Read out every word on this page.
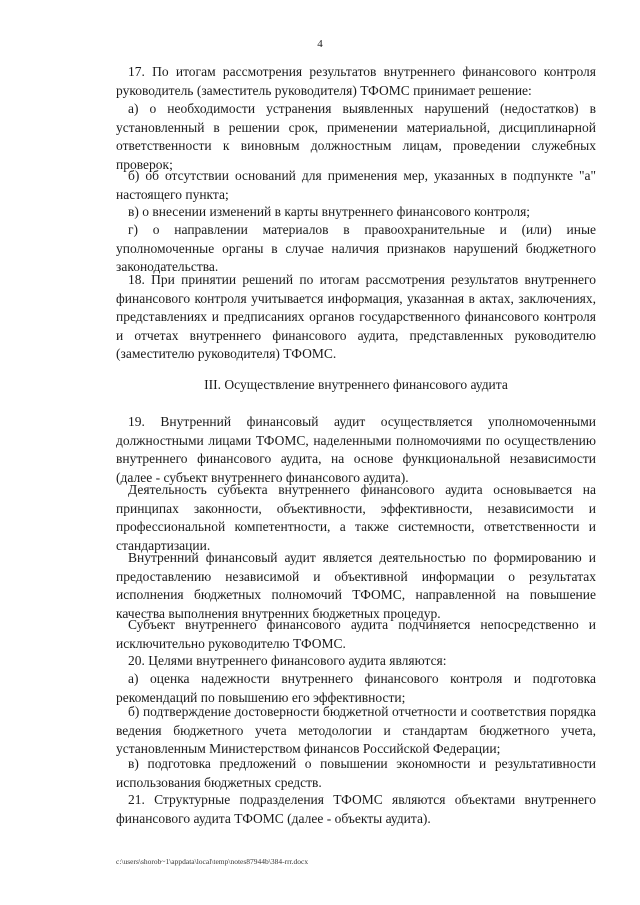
4

17. По итогам рассмотрения результатов внутреннего финансового контроля руководитель (заместитель руководителя) ТФОМС принимает решение:

а) о необходимости устранения выявленных нарушений (недостатков) в установленный в решении срок, применении материальной, дисциплинарной ответственности к виновным должностным лицам, проведении служебных проверок;

б) об отсутствии оснований для применения мер, указанных в подпункте "а" настоящего пункта;

в) о внесении изменений в карты внутреннего финансового контроля;

г) о направлении материалов в правоохранительные и (или) иные уполномоченные органы в случае наличия признаков нарушений бюджетного законодательства.

18. При принятии решений по итогам рассмотрения результатов внутреннего финансового контроля учитывается информация, указанная в актах, заключениях, представлениях и предписаниях органов государственного финансового контроля и отчетах внутреннего финансового аудита, представленных руководителю (заместителю руководителя) ТФОМС.

III. Осуществление внутреннего финансового аудита

19. Внутренний финансовый аудит осуществляется уполномоченными должностными лицами ТФОМС, наделенными полномочиями по осуществлению внутреннего финансового аудита, на основе функциональной независимости (далее - субъект внутреннего финансового аудита).

Деятельность субъекта внутреннего финансового аудита основывается на принципах законности, объективности, эффективности, независимости и профессиональной компетентности, а также системности, ответственности и стандартизации.

Внутренний финансовый аудит является деятельностью по формированию и предоставлению независимой и объективной информации о результатах исполнения бюджетных полномочий ТФОМС, направленной на повышение качества выполнения внутренних бюджетных процедур.

Субъект внутреннего финансового аудита подчиняется непосредственно и исключительно руководителю ТФОМС.

20. Целями внутреннего финансового аудита являются:

а) оценка надежности внутреннего финансового контроля и подготовка рекомендаций по повышению его эффективности;

б) подтверждение достоверности бюджетной отчетности и соответствия порядка ведения бюджетного учета методологии и стандартам бюджетного учета, установленным Министерством финансов Российской Федерации;

в) подготовка предложений о повышении экономности и результативности использования бюджетных средств.

21. Структурные подразделения ТФОМС являются объектами внутреннего финансового аудита ТФОМС (далее - объекты аудита).

c:\users\shorob~1\appdata\local\temp\notes87944b\384-rrr.docx
